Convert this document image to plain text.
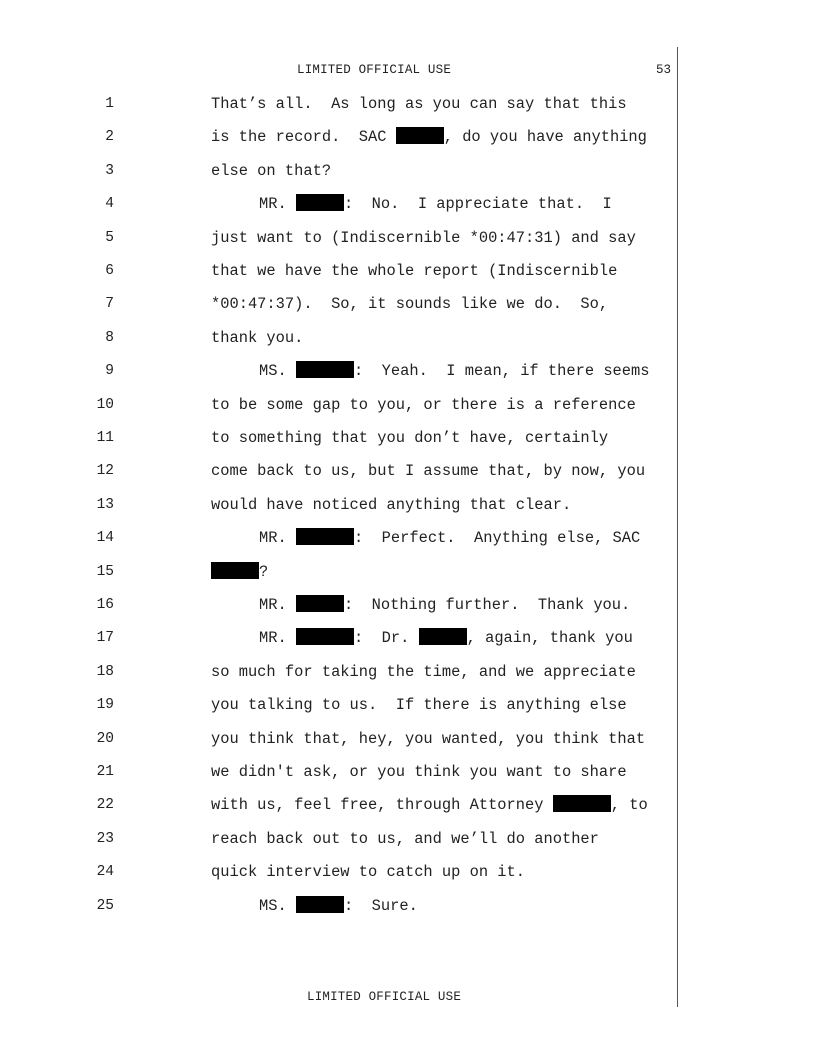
LIMITED OFFICIAL USE	53
1	That’s all.  As long as you can say that this
2	is the record.  SAC	, do you have anything
3	else on that?
4	MR.	:  No.  I appreciate that.  I
5	just want to (Indiscernible *00:47:31) and say
6	that we have the whole report (Indiscernible
7	*00:47:37).  So, it sounds like we do.  So,
8	thank you.
9	MS.	:  Yeah.  I mean, if there seems
10	to be some gap to you, or there is a reference
11	to something that you don’t have, certainly
12	come back to us, but I assume that, by now, you
13	would have noticed anything that clear.
14	MR.	:  Perfect.  Anything else, SAC
15	?
16	MR.	:  Nothing further.  Thank you.
17	MR.	:  Dr.	, again, thank you
18	so much for taking the time, and we appreciate
19	you talking to us.  If there is anything else
20	you think that, hey, you wanted, you think that
21	we didn't ask, or you think you want to share
22	with us, feel free, through Attorney	, to
23	reach back out to us, and we’ll do another
24	quick interview to catch up on it.
25	MS.	:  Sure.
LIMITED OFFICIAL USE
